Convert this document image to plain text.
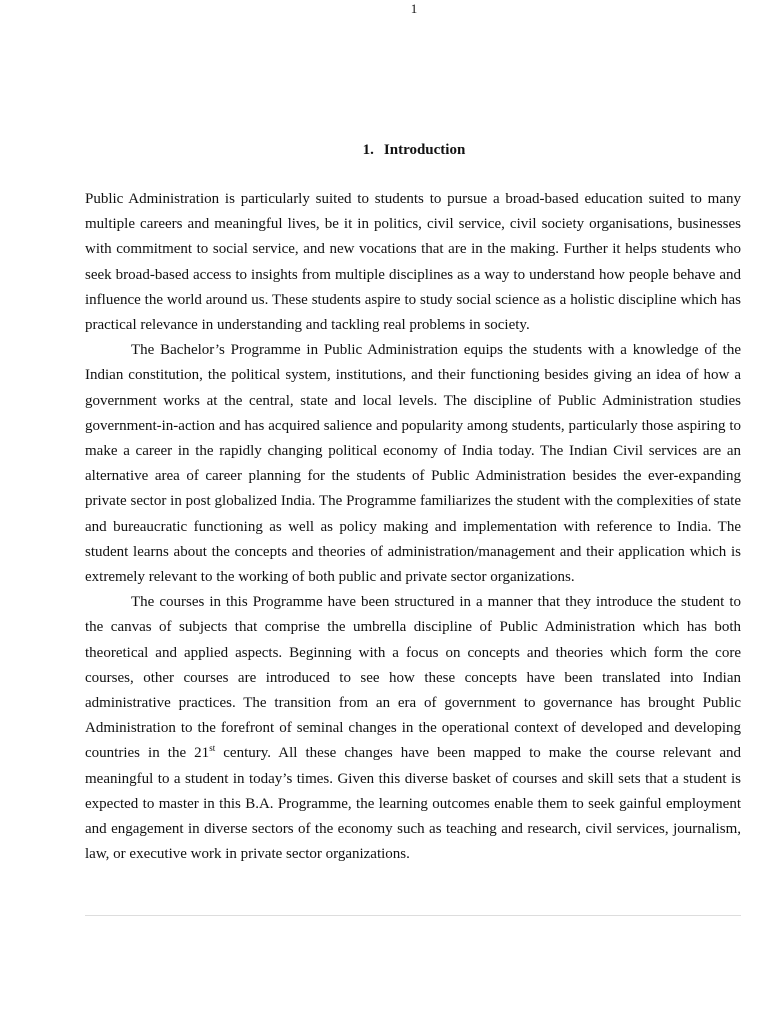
1
1. Introduction

Public Administration is particularly suited to students to pursue a broad-based education suited to many multiple careers and meaningful lives, be it in politics, civil service, civil society organisations, businesses with commitment to social service, and new vocations that are in the making. Further it helps students who seek broad-based access to insights from multiple disciplines as a way to understand how people behave and influence the world around us. These students aspire to study social science as a holistic discipline which has practical relevance in understanding and tackling real problems in society.

The Bachelor’s Programme in Public Administration equips the students with a knowledge of the Indian constitution, the political system, institutions, and their functioning besides giving an idea of how a government works at the central, state and local levels. The discipline of Public Administration studies government-in-action and has acquired salience and popularity among students, particularly those aspiring to make a career in the rapidly changing political economy of India today. The Indian Civil services are an alternative area of career planning for the students of Public Administration besides the ever-expanding private sector in post globalized India. The Programme familiarizes the student with the complexities of state and bureaucratic functioning as well as policy making and implementation with reference to India. The student learns about the concepts and theories of administration/management and their application which is extremely relevant to the working of both public and private sector organizations.

The courses in this Programme have been structured in a manner that they introduce the student to the canvas of subjects that comprise the umbrella discipline of Public Administration which has both theoretical and applied aspects. Beginning with a focus on concepts and theories which form the core courses, other courses are introduced to see how these concepts have been translated into Indian administrative practices. The transition from an era of government to governance has brought Public Administration to the forefront of seminal changes in the operational context of developed and developing countries in the 21st century. All these changes have been mapped to make the course relevant and meaningful to a student in today’s times. Given this diverse basket of courses and skill sets that a student is expected to master in this B.A. Programme, the learning outcomes enable them to seek gainful employment and engagement in diverse sectors of the economy such as teaching and research, civil services, journalism, law, or executive work in private sector organizations.
